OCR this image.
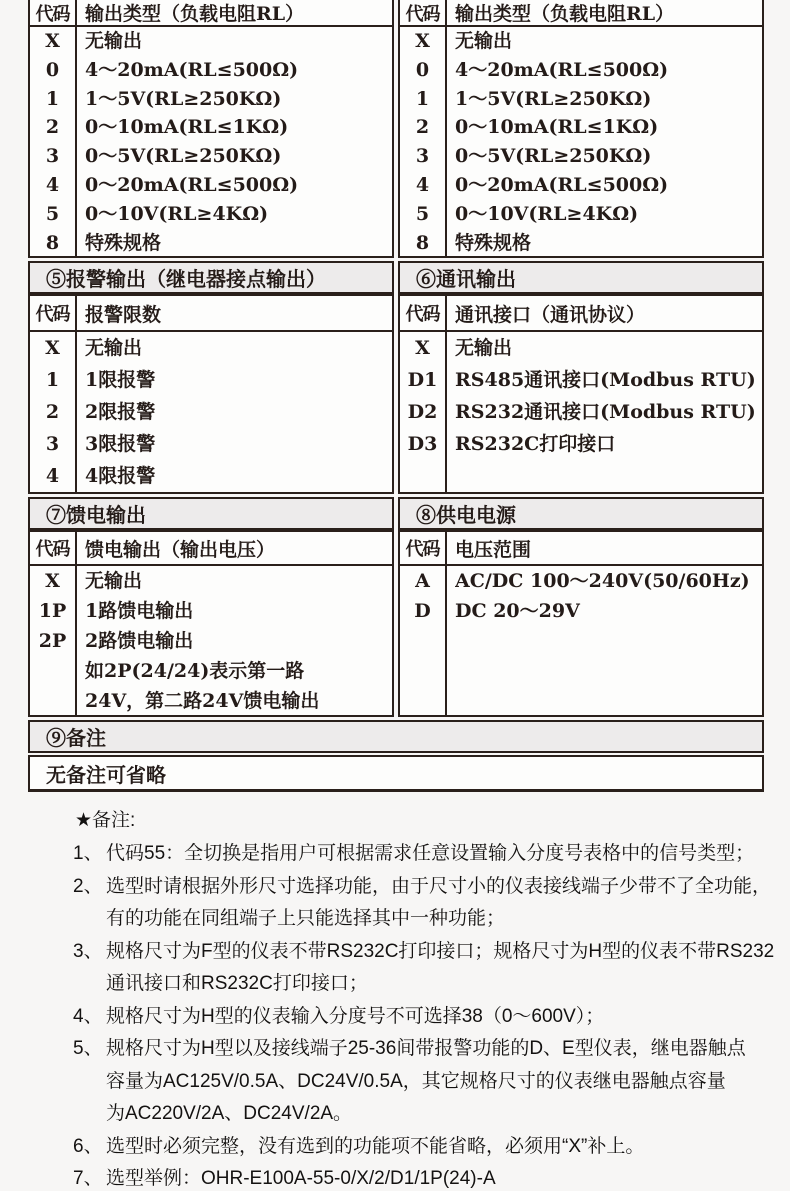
代码 输出类型（负载电阻RL）
X
0
1
2
3
4
5
8
无输出
4～20mA(RL≤500Ω)
1～5V(RL≥250KΩ)
0～10mA(RL≤1KΩ)
0～5V(RL≥250KΩ)
0～20mA(RL≤500Ω)
0～10V(RL≥4KΩ)
特殊规格
代码 输出类型（负载电阻RL）
X
0
1
2
3
4
5
8
无输出
4～20mA(RL≤500Ω)
1～5V(RL≥250KΩ)
0～10mA(RL≤1KΩ)
0～5V(RL≥250KΩ)
0～20mA(RL≤500Ω)
0～10V(RL≥4KΩ)
特殊规格
⑤报警输出（继电器接点输出）	⑥通讯输出
代码 报警限数
X
1
2
3
4
无输出
1限报警
2限报警
3限报警
4限报警
代码 通讯接口（通讯协议）
X
D1
D2
D3
无输出
RS485通讯接口(Modbus RTU)
RS232通讯接口(Modbus RTU)
RS232C打印接口
⑦馈电输出	⑧供电电源
代码 馈电输出（输出电压）
X
1P
2P
无输出
1路馈电输出
2路馈电输出
如2P(24/24)表示第一路
24V，第二路24V馈电输出
代码 电压范围
A
D
AC/DC 100～240V(50/60Hz)
DC 20～29V
⑨备注
无备注可省略
★备注:
1、 代码55：全切换是指用户可根据需求任意设置输入分度号表格中的信号类型；
2、 选型时请根据外形尺寸选择功能，由于尺寸小的仪表接线端子少带不了全功能，
有的功能在同组端子上只能选择其中一种功能；
3、 规格尺寸为F型的仪表不带RS232C打印接口；规格尺寸为H型的仪表不带RS232
通讯接口和RS232C打印接口；
4、 规格尺寸为H型的仪表输入分度号不可选择38（0～600V）；
5、 规格尺寸为H型以及接线端子25-36间带报警功能的D、E型仪表，继电器触点
容量为AC125V/0.5A、DC24V/0.5A，其它规格尺寸的仪表继电器触点容量
为AC220V/2A、DC24V/2A。
6、 选型时必须完整，没有选到的功能项不能省略，必须用“X”补上。
7、 选型举例：OHR-E100A-55-0/X/2/D1/1P(24)-A
